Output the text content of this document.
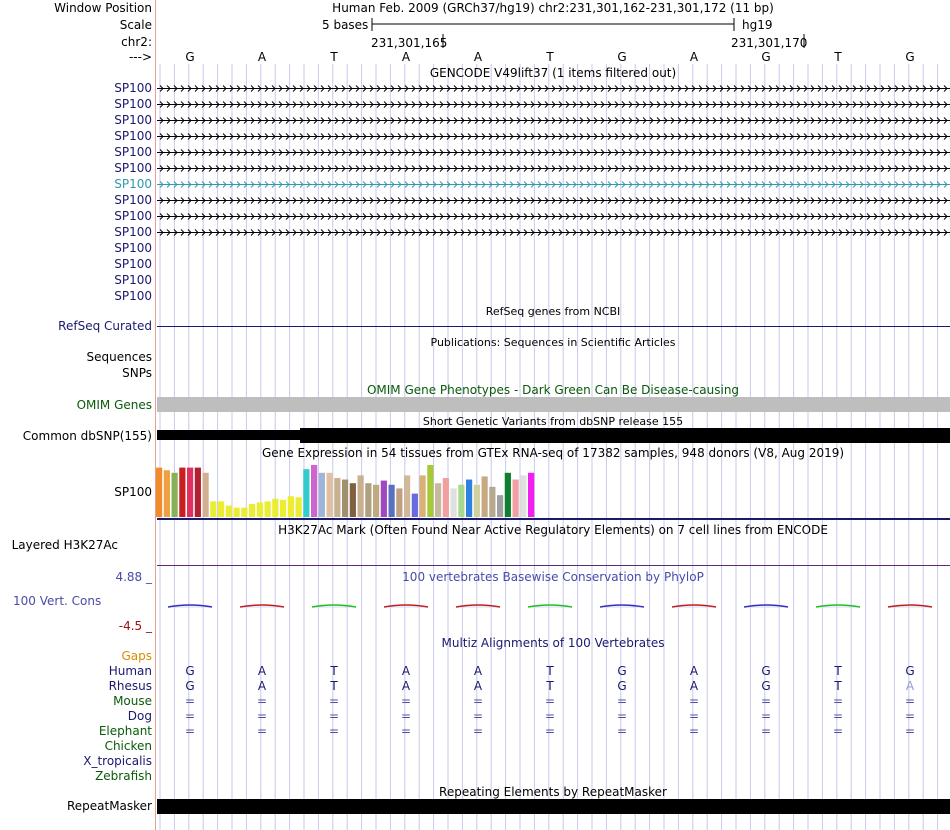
Window Position
Scale
chr2:
--->
Human Feb. 2009 (GRCh37/hg19) chr2:231,301,162-231,301,172 (11 bp)
5 bases	hg19
231,301,165	231,301,170
G	A	T	A	A	T	G	A	G	T	G
GENCODE V49lift37 (1 items filtered out)
SP100
SP100
SP100
SP100
SP100
SP100
SP100
SP100
SP100
SP100
SP100
SP100
SP100
SP100
RefSeq genes from NCBI
RefSeq Curated
Publications: Sequences in Scientific Articles
Sequences
SNPs
OMIM Gene Phenotypes - Dark Green Can Be Disease-causing
OMIM Genes
Short Genetic Variants from dbSNP release 155
Common dbSNP(155)
Gene Expression in 54 tissues from GTEx RNA-seq of 17382 samples, 948 donors (V8, Aug 2019)
SP100
H3K27Ac Mark (Often Found Near Active Regulatory Elements) on 7 cell lines from ENCODE
Layered H3K27Ac
100 vertebrates Basewise Conservation by PhyloP
4.88 _
100 Vert. Cons
-4.5 _
Multiz Alignments of 100 Vertebrates
Gaps
Human	G	A	T	A	A	T	G	A	G	T	G
Rhesus	G	A	T	A	A	T	G	A	G	T	A
Mouse	=	=	=	=	=	=	=	=	=	=	=
Dog	=	=	=	=	=	=	=	=	=	=	=
Elephant	=	=	=	=	=	=	=	=	=	=	=
Chicken
X_tropicalis
Zebrafish
Repeating Elements by RepeatMasker
RepeatMasker
